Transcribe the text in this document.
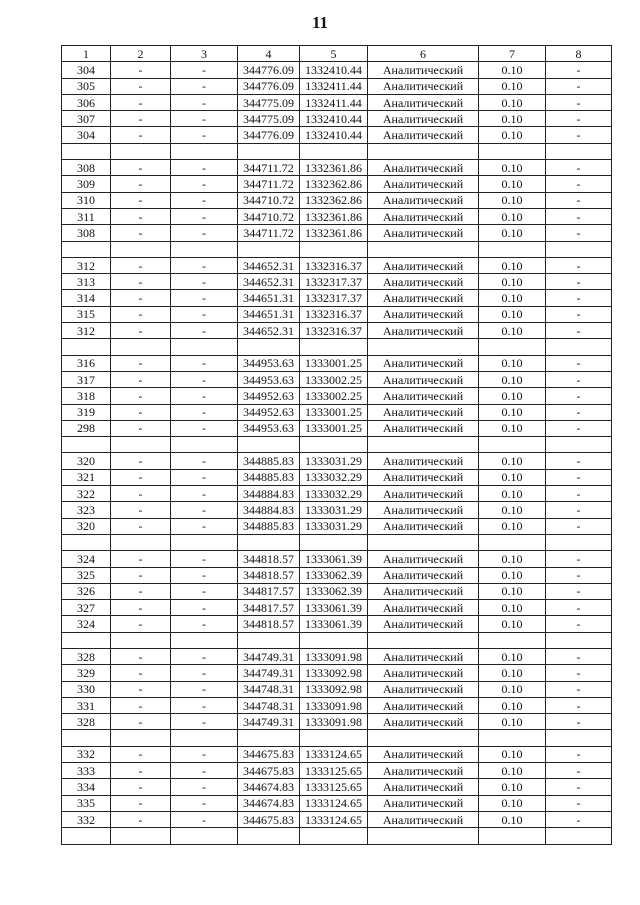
11
1	2	3	4	5	6	7	8
304	-	-	344776.09	1332410.44	Аналитический	0.10	-
305	-	-	344776.09	1332411.44	Аналитический	0.10	-
306	-	-	344775.09	1332411.44	Аналитический	0.10	-
307	-	-	344775.09	1332410.44	Аналитический	0.10	-
304	-	-	344776.09	1332410.44	Аналитический	0.10	-

308	-	-	344711.72	1332361.86	Аналитический	0.10	-
309	-	-	344711.72	1332362.86	Аналитический	0.10	-
310	-	-	344710.72	1332362.86	Аналитический	0.10	-
311	-	-	344710.72	1332361.86	Аналитический	0.10	-
308	-	-	344711.72	1332361.86	Аналитический	0.10	-

312	-	-	344652.31	1332316.37	Аналитический	0.10	-
313	-	-	344652.31	1332317.37	Аналитический	0.10	-
314	-	-	344651.31	1332317.37	Аналитический	0.10	-
315	-	-	344651.31	1332316.37	Аналитический	0.10	-
312	-	-	344652.31	1332316.37	Аналитический	0.10	-

316	-	-	344953.63	1333001.25	Аналитический	0.10	-
317	-	-	344953.63	1333002.25	Аналитический	0.10	-
318	-	-	344952.63	1333002.25	Аналитический	0.10	-
319	-	-	344952.63	1333001.25	Аналитический	0.10	-
298	-	-	344953.63	1333001.25	Аналитический	0.10	-

320	-	-	344885.83	1333031.29	Аналитический	0.10	-
321	-	-	344885.83	1333032.29	Аналитический	0.10	-
322	-	-	344884.83	1333032.29	Аналитический	0.10	-
323	-	-	344884.83	1333031.29	Аналитический	0.10	-
320	-	-	344885.83	1333031.29	Аналитический	0.10	-

324	-	-	344818.57	1333061.39	Аналитический	0.10	-
325	-	-	344818.57	1333062.39	Аналитический	0.10	-
326	-	-	344817.57	1333062.39	Аналитический	0.10	-
327	-	-	344817.57	1333061.39	Аналитический	0.10	-
324	-	-	344818.57	1333061.39	Аналитический	0.10	-

328	-	-	344749.31	1333091.98	Аналитический	0.10	-
329	-	-	344749.31	1333092.98	Аналитический	0.10	-
330	-	-	344748.31	1333092.98	Аналитический	0.10	-
331	-	-	344748.31	1333091.98	Аналитический	0.10	-
328	-	-	344749.31	1333091.98	Аналитический	0.10	-

332	-	-	344675.83	1333124.65	Аналитический	0.10	-
333	-	-	344675.83	1333125.65	Аналитический	0.10	-
334	-	-	344674.83	1333125.65	Аналитический	0.10	-
335	-	-	344674.83	1333124.65	Аналитический	0.10	-
332	-	-	344675.83	1333124.65	Аналитический	0.10	-
